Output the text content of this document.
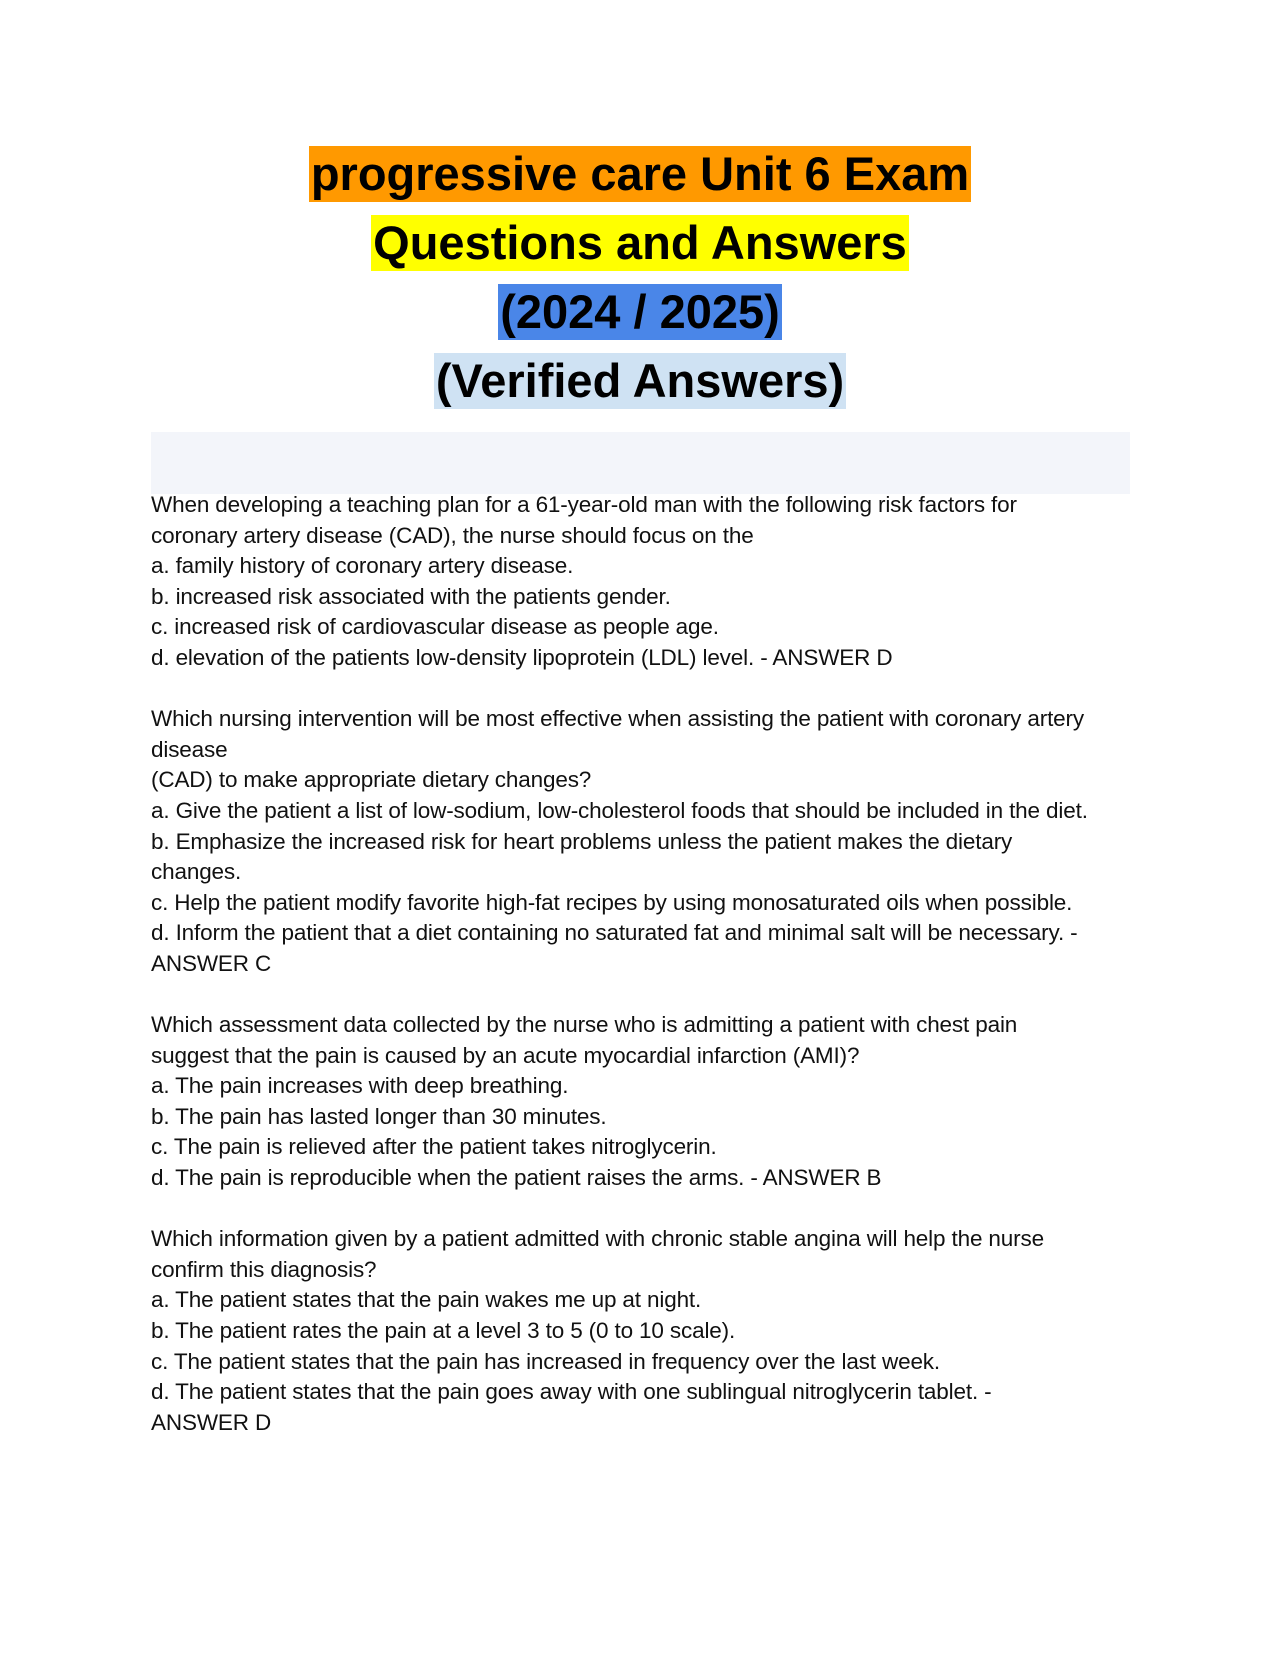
progressive care Unit 6 Exam
Questions and Answers
(2024 / 2025)
(Verified Answers)

When developing a teaching plan for a 61-year-old man with the following risk factors for

coronary artery disease (CAD), the nurse should focus on the

a. family history of coronary artery disease.

b. increased risk associated with the patients gender.

c. increased risk of cardiovascular disease as people age.

d. elevation of the patients low-density lipoprotein (LDL) level. - ANSWER D

Which nursing intervention will be most effective when assisting the patient with coronary artery

disease

(CAD) to make appropriate dietary changes?

a. Give the patient a list of low-sodium, low-cholesterol foods that should be included in the diet.

b. Emphasize the increased risk for heart problems unless the patient makes the dietary

changes.

c. Help the patient modify favorite high-fat recipes by using monosaturated oils when possible.

d. Inform the patient that a diet containing no saturated fat and minimal salt will be necessary. -

ANSWER C

Which assessment data collected by the nurse who is admitting a patient with chest pain

suggest that the pain is caused by an acute myocardial infarction (AMI)?

a. The pain increases with deep breathing.

b. The pain has lasted longer than 30 minutes.

c. The pain is relieved after the patient takes nitroglycerin.

d. The pain is reproducible when the patient raises the arms. - ANSWER B

Which information given by a patient admitted with chronic stable angina will help the nurse

confirm this diagnosis?

a. The patient states that the pain wakes me up at night.

b. The patient rates the pain at a level 3 to 5 (0 to 10 scale).

c. The patient states that the pain has increased in frequency over the last week.

d. The patient states that the pain goes away with one sublingual nitroglycerin tablet. -

ANSWER D
